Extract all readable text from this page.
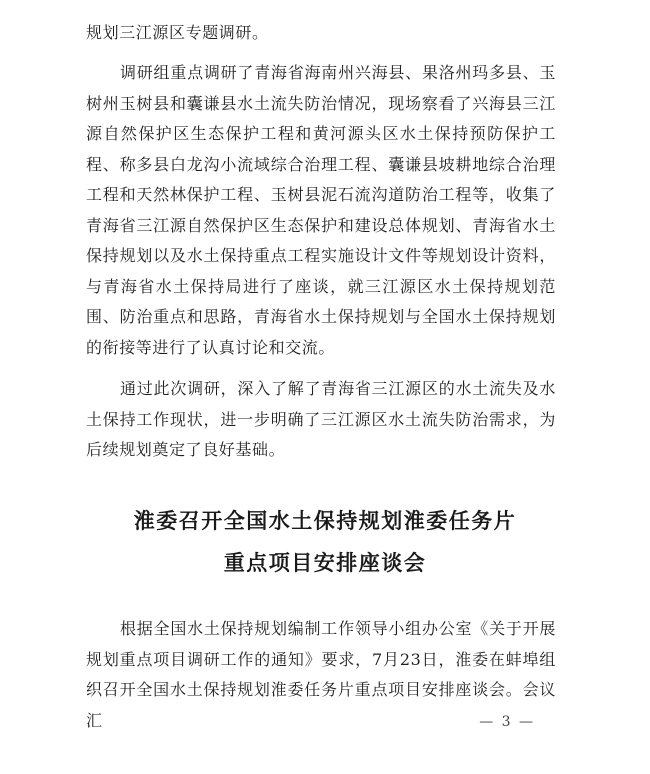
规划三江源区专题调研。

调研组重点调研了青海省海南州兴海县、果洛州玛多县、玉树州玉树县和囊谦县水土流失防治情况，现场察看了兴海县三江源自然保护区生态保护工程和黄河源头区水土保持预防保护工程、称多县白龙沟小流域综合治理工程、囊谦县坡耕地综合治理工程和天然林保护工程、玉树县泥石流沟道防治工程等，收集了青海省三江源自然保护区生态保护和建设总体规划、青海省水土保持规划以及水土保持重点工程实施设计文件等规划设计资料，与青海省水土保持局进行了座谈，就三江源区水土保持规划范围、防治重点和思路，青海省水土保持规划与全国水土保持规划的衔接等进行了认真讨论和交流。

通过此次调研，深入了解了青海省三江源区的水土流失及水土保持工作现状，进一步明确了三江源区水土流失防治需求，为后续规划奠定了良好基础。

淮委召开全国水土保持规划淮委任务片
重点项目安排座谈会

根据全国水土保持规划编制工作领导小组办公室《关于开展规划重点项目调研工作的通知》要求，7月23日，淮委在蚌埠组织召开全国水土保持规划淮委任务片重点项目安排座谈会。会议汇	— 3 —
